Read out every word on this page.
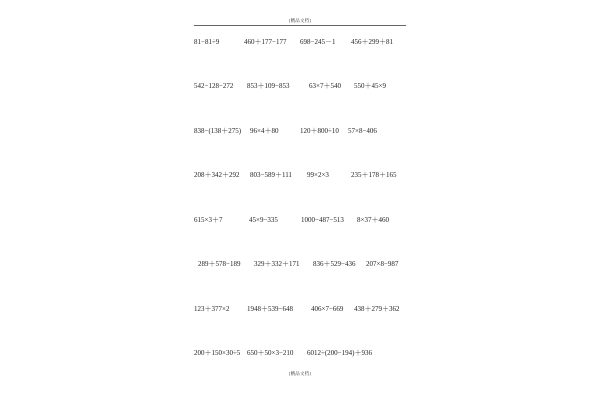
[精品文档]
81−81÷9	460＋177−177 698−245－1 456＋299＋81
542−128−272 853＋109−853	63×7＋540 550＋45×9
838−(138＋275) 96×4＋80	120＋800÷10 57×8−406
208＋342＋292 803−589＋111 99×2×3	235＋178＋165
615×3＋7	45×9−335	1000−487−513 8×37＋460
289＋578−189 329＋332＋171 836＋529−436 207×8−987
123＋377×2	1948＋539−648	406×7−669 438＋279＋362
200＋150×30÷5 650＋50×3−210 6012÷(200−194)＋936
[精品文档]
